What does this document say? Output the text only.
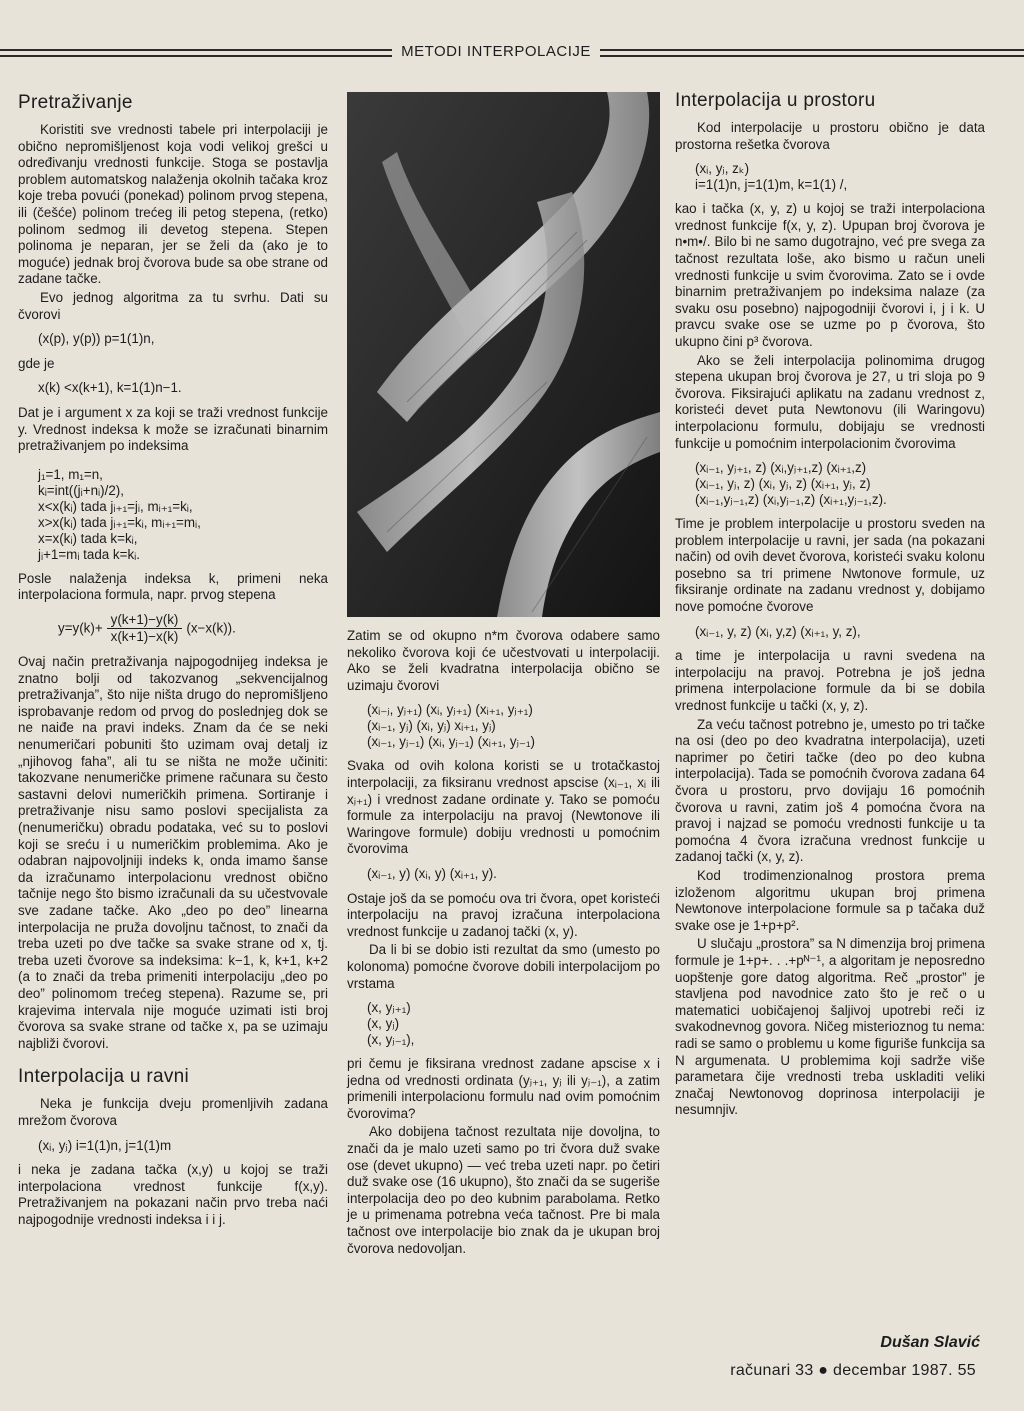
METODI INTERPOLACIJE
Pretraživanje

Koristiti sve vrednosti tabele pri interpolaciji je obično nepromišljenost koja vodi velikoj grešci u određivanju vrednosti funkcije. Stoga se postavlja problem automatskog nalaženja okolnih tačaka kroz koje treba povući (ponekad) polinom prvog stepena, ili (češće) polinom trećeg ili petog stepena, (retko) polinom sedmog ili devetog stepena. Stepen polinoma je neparan, jer se želi da (ako je to moguće) jednak broj čvorova bude sa obe strane od zadane tačke.

Evo jednog algoritma za tu svrhu. Dati su čvorovi

(x(p), y(p)) p=1(1)n,

gde je

x(k) <x(k+1), k=1(1)n−1.

Dat je i argument x za koji se traži vrednost funkcije y. Vrednost indeksa k može se izračunati binarnim pretraživanjem po indeksima

j₁=1, m₁=n,
kᵢ=int((jᵢ+nᵢ)/2),
x<x(kᵢ) tada jᵢ₊₁=jᵢ, mᵢ₊₁=kᵢ,
x>x(kᵢ) tada jᵢ₊₁=kᵢ, mᵢ₊₁=mᵢ,
x=x(kᵢ) tada k=kᵢ,
jᵢ+1=mᵢ tada k=kᵢ.

Posle nalaženja indeksa k, primeni neka interpolaciona formula, napr. prvog stepena

$y=y(k)+ \frac{y(k+1)-y(k)}{x(k+1)-x(k)} (x-x(k))$.

Ovaj način pretraživanja najpogodnijeg indeksa je znatno bolji od takozvanog „sekvencijalnog pretraživanja”, što nije ništa drugo do nepromišljeno isprobavanje redom od prvog do poslednjeg dok se ne naiđe na pravi indeks. Znam da će se neki nenumeričari pobuniti što uzimam ovaj detalj iz „njihovog faha”, ali tu se ništa ne može učiniti: takozvane nenumeričke primene računara su često sastavni delovi numeričkih primena. Sortiranje i pretraživanje nisu samo poslovi specijalista za (nenumeričku) obradu podataka, već su to poslovi koji se sreću i u numeričkim problemima. Ako je odabran najpovoljniji indeks k, onda imamo šanse da izračunamo interpolacionu vrednost obično tačnije nego što bismo izračunali da su učestvovale sve zadane tačke. Ako „deo po deo” linearna interpolacija ne pruža dovoljnu tačnost, to znači da treba uzeti po dve tačke sa svake strane od x, tj. treba uzeti čvorove sa indeksima: k−1, k, k+1, k+2 (a to znači da treba primeniti interpolaciju „deo po deo” polinomom trećeg stepena). Razume se, pri krajevima intervala nije moguće uzimati isti broj čvorova sa svake strane od tačke x, pa se uzimaju najbliži čvorovi.

Interpolacija u ravni

Neka je funkcija dveju promenljivih zadana mrežom čvorova

(xᵢ, yⱼ) i=1(1)n, j=1(1)m

i neka je zadana tačka (x,y) u kojoj se traži interpolaciona vrednost funkcije f(x,y). Pretraživanjem na pokazani način prvo treba naći najpogodnije vrednosti indeksa i i j.

Zatim se od okupno n*m čvorova odabere samo nekoliko čvorova koji će učestvovati u interpolaciji. Ako se želi kvadratna interpolacija obično se uzimaju čvorovi

(xᵢ₋ⱼ, yⱼ₊₁) (xᵢ, yⱼ₊₁) (xᵢ₊₁, yⱼ₊₁)
(xᵢ₋₁, yⱼ) (xᵢ, yⱼ) xᵢ₊₁, yⱼ)
(xᵢ₋₁, yⱼ₋₁) (xᵢ, yⱼ₋₁) (xᵢ₊₁, yⱼ₋₁)

Svaka od ovih kolona koristi se u trotačkastoj interpolaciji, za fiksiranu vrednost apscise (xᵢ₋₁, xᵢ ili xⱼ₊₁) i vrednost zadane ordinate y. Tako se pomoću formule za interpolaciju na pravoj (Newtonove ili Waringove formule) dobiju vrednosti u pomoćnim čvorovima

(xᵢ₋₁, y) (xᵢ, y) (xᵢ₊₁, y).

Ostaje još da se pomoću ova tri čvora, opet koristeći interpolaciju na pravoj izračuna interpolaciona vrednost funkcije u zadanoj tački (x, y).

Da li bi se dobio isti rezultat da smo (umesto po kolonoma) pomoćne čvorove dobili interpolacijom po vrstama

(x, yⱼ₊₁)
(x, yⱼ)
(x, yⱼ₋₁),

pri čemu je fiksirana vrednost zadane apscise x i jedna od vrednosti ordinata (yⱼ₊₁, yⱼ ili yⱼ₋₁), a zatim primenili interpolacionu formulu nad ovim pomoćnim čvorovima?

Ako dobijena tačnost rezultata nije dovoljna, to znači da je malo uzeti samo po tri čvora duž svake ose (devet ukupno) — već treba uzeti napr. po četiri duž svake ose (16 ukupno), što znači da se sugeriše interpolacija deo po deo kubnim parabolama. Retko je u primenama potrebna veća tačnost. Pre bi mala tačnost ove interpolacije bio znak da je ukupan broj čvorova nedovoljan.

Interpolacija u prostoru

Kod interpolacije u prostoru obično je data prostorna rešetka čvorova

(xᵢ, yⱼ, zₖ)
i=1(1)n, j=1(1)m, k=1(1) /,

kao i tačka (x, y, z) u kojoj se traži interpolaciona vrednost funkcije f(x, y, z). Upupan broj čvorova je n•m•/. Bilo bi ne samo dugotrajno, već pre svega za tačnost rezultata loše, ako bismo u račun uneli vrednosti funkcije u svim čvorovima. Zato se i ovde binarnim pretraživanjem po indeksima nalaze (za svaku osu posebno) najpogodniji čvorovi i, j i k. U pravcu svake ose se uzme po p čvorova, što ukupno čini p³ čvorova.

Ako se želi interpolacija polinomima drugog stepena ukupan broj čvorova je 27, u tri sloja po 9 čvorova. Fiksirajući aplikatu na zadanu vrednost z, koristeći devet puta Newtonovu (ili Waringovu) interpolacionu formulu, dobijaju se vrednosti funkcije u pomoćnim interpolacionim čvorovima

(xᵢ₋₁, yⱼ₊₁, z) (xᵢ,yⱼ₊₁,z) (xᵢ₊₁,z)
(xᵢ₋₁, yⱼ, z) (xᵢ, yⱼ, z) (xᵢ₊₁, yⱼ, z)
(xᵢ₋₁,yⱼ₋₁,z) (xᵢ,yⱼ₋₁,z) (xᵢ₊₁,yⱼ₋₁,z).

Time je problem interpolacije u prostoru sveden na problem interpolacije u ravni, jer sada (na pokazani način) od ovih devet čvorova, koristeći svaku kolonu posebno sa tri primene Nwtonove formule, uz fiksiranje ordinate na zadanu vrednost y, dobijamo nove pomoćne čvorove

(xᵢ₋₁, y, z) (xᵢ, y,z) (xᵢ₊₁, y, z),

a time je interpolacija u ravni svedena na interpolaciju na pravoj. Potrebna je još jedna primena interpolacione formule da bi se dobila vrednost funkcije u tački (x, y, z).

Za veću tačnost potrebno je, umesto po tri tačke na osi (deo po deo kvadratna interpolacija), uzeti naprimer po četiri tačke (deo po deo kubna interpolacija). Tada se pomoćnih čvorova zadana 64 čvora u prostoru, prvo dovijaju 16 pomoćnih čvorova u ravni, zatim još 4 pomoćna čvora na pravoj i najzad se pomoću vrednosti funkcije u ta pomoćna 4 čvora izračuna vrednost funkcije u zadanoj tački (x, y, z).

Kod trodimenzionalnog prostora prema izloženom algoritmu ukupan broj primena Newtonove interpolacione formule sa p tačaka duž svake ose je 1+p+p².

U slučaju „prostora” sa N dimenzija broj primena formule je 1+p+. . .+pᴺ⁻¹, a algoritam je neposredno uopštenje gore datog algoritma. Reč „prostor” je stavljena pod navodnice zato što je reč o u matematici uobičajenoj šaljivoj upotrebi reči iz svakodnevnog govora. Ničeg misterioznog tu nema: radi se samo o problemu u kome figuriše funkcija sa N argumenata. U problemima koji sadrže više parametara čije vrednosti treba uskladiti veliki značaj Newtonovog doprinosa interpolaciji je nesumnjiv.

Dušan Slavić
računari 33 ● decembar 1987. 55
